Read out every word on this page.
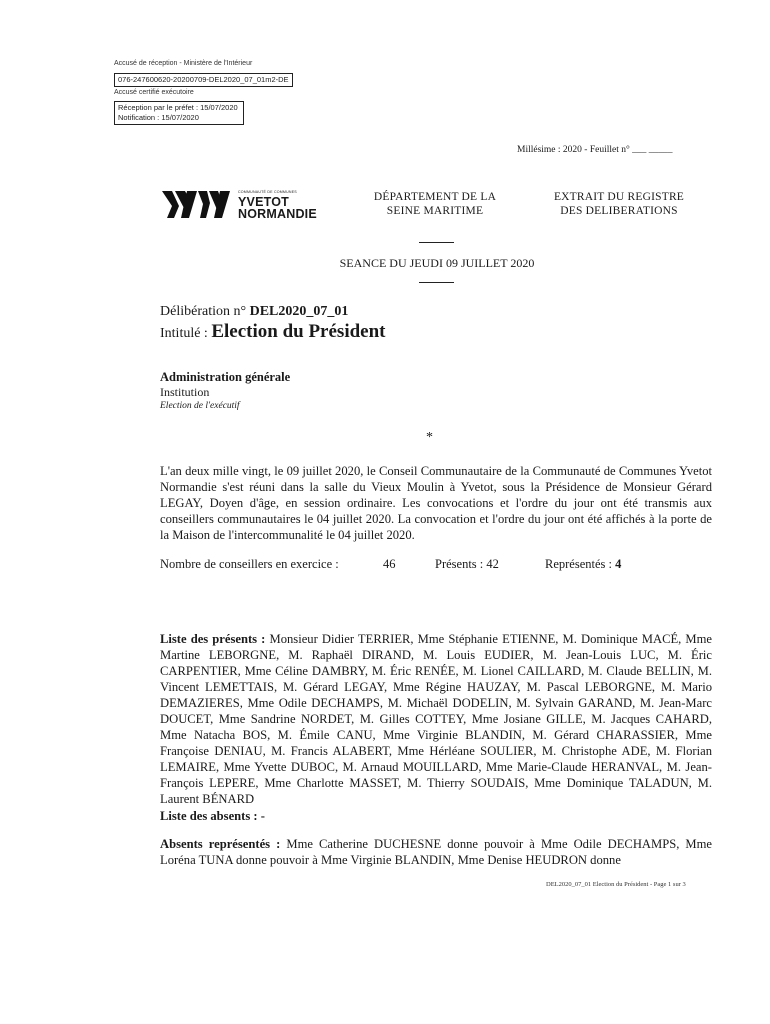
Accusé de réception - Ministère de l'Intérieur
076-247600620-20200709-DEL2020_07_01m2-DE
Accusé certifié exécutoire
Réception par le préfet : 15/07/2020
Notification : 15/07/2020
Millésime : 2020 - Feuillet n° ___ _____
COMMUNAUTÉ DE COMMUNES
YVETOT
NORMANDIE
DÉPARTEMENT DE LA
SEINE MARITIME
EXTRAIT DU REGISTRE
DES DELIBERATIONS
SEANCE DU JEUDI 09 JUILLET 2020
Délibération n° DEL2020_07_01
Intitulé : Election du Président
Administration générale
Institution
Election de l'exécutif
*
L'an deux mille vingt, le 09 juillet 2020, le Conseil Communautaire de la Communauté de Communes Yvetot Normandie s'est réuni dans la salle du Vieux Moulin à Yvetot, sous la Présidence de Monsieur Gérard LEGAY, Doyen d'âge, en session ordinaire. Les convocations et l'ordre du jour ont été transmis aux conseillers communautaires le 04 juillet 2020. La convocation et l'ordre du jour ont été affichés à la porte de la Maison de l'intercommunalité le 04 juillet 2020.
Nombre de conseillers en exercice :	46	Présents : 42	Représentés : 4
Liste des présents : Monsieur Didier TERRIER, Mme Stéphanie ETIENNE, M. Dominique MACÉ, Mme Martine LEBORGNE, M. Raphaël DIRAND, M. Louis EUDIER, M. Jean-Louis LUC, M. Éric CARPENTIER, Mme Céline DAMBRY, M. Éric RENÉE, M. Lionel CAILLARD, M. Claude BELLIN, M. Vincent LEMETTAIS, M. Gérard LEGAY, Mme Régine HAUZAY, M. Pascal LEBORGNE, M. Mario DEMAZIERES, Mme Odile DECHAMPS, M. Michaël DODELIN, M. Sylvain GARAND, M. Jean-Marc DOUCET, Mme Sandrine NORDET, M. Gilles COTTEY, Mme Josiane GILLE, M. Jacques CAHARD, Mme Natacha BOS, M. Émile CANU, Mme Virginie BLANDIN, M. Gérard CHARASSIER, Mme Françoise DENIAU, M. Francis ALABERT, Mme Hérléane SOULIER, M. Christophe ADE, M. Florian LEMAIRE, Mme Yvette DUBOC, M. Arnaud MOUILLARD, Mme Marie-Claude HERANVAL, M. Jean-François LEPERE, Mme Charlotte MASSET, M. Thierry SOUDAIS, Mme Dominique TALADUN, M. Laurent BÉNARD
Liste des absents : -
Absents représentés : Mme Catherine DUCHESNE donne pouvoir à Mme Odile DECHAMPS, Mme Loréna TUNA donne pouvoir à Mme Virginie BLANDIN, Mme Denise HEUDRON donne
DEL2020_07_01 Election du Président - Page 1 sur 3
